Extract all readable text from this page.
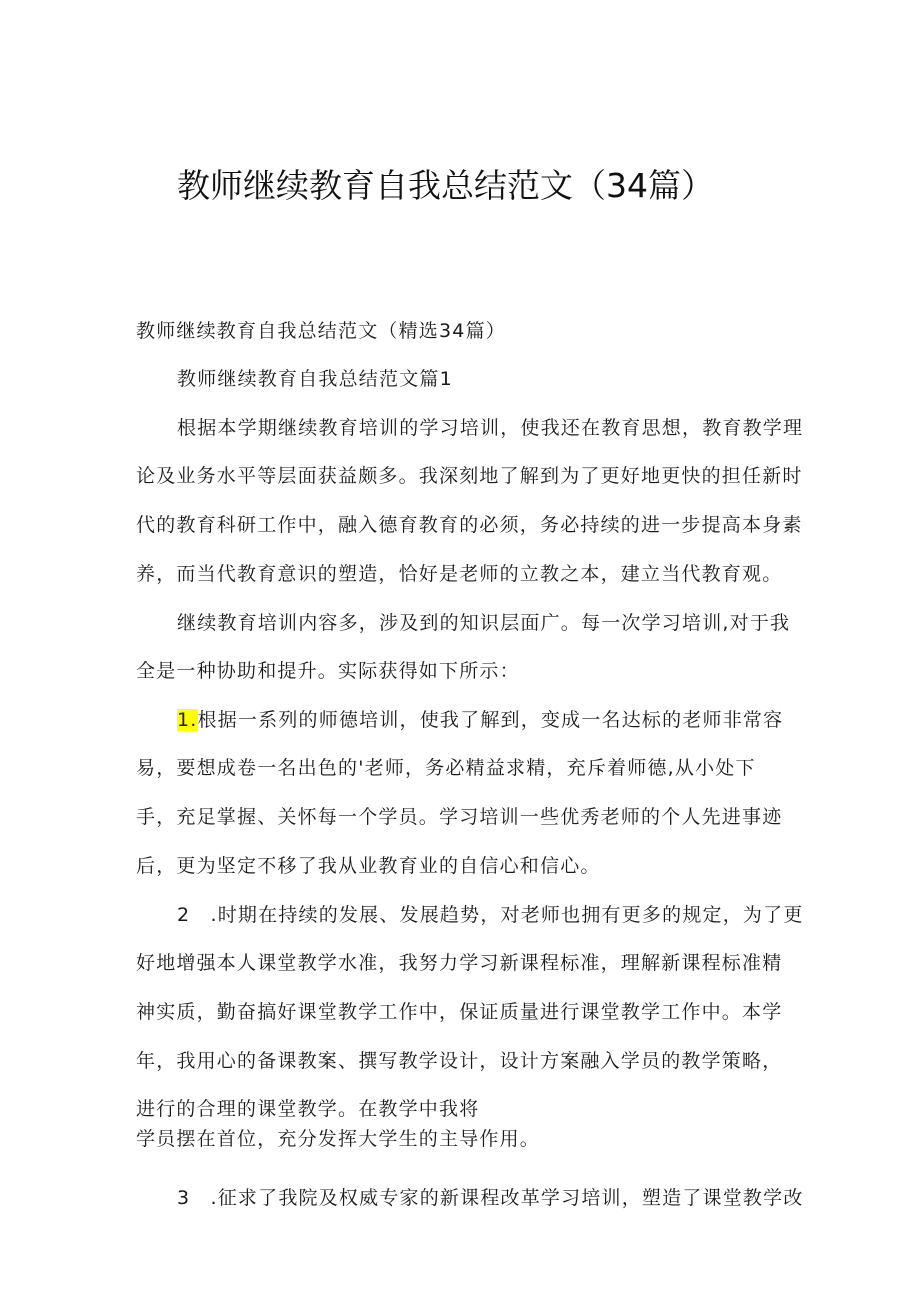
教师继续教育自我总结范文（34篇）
教师继续教育自我总结范文（精选34篇）
教师继续教育自我总结范文篇1
根据本学期继续教育培训的学习培训，使我还在教育思想，教育教学理
论及业务水平等层面获益颇多。我深刻地了解到为了更好地更快的担任新时
代的教育科研工作中，融入德育教育的必须，务必持续的进一步提高本身素
养，而当代教育意识的塑造，恰好是老师的立教之本，建立当代教育观。
继续教育培训内容多，涉及到的知识层面广。每一次学习培训,对于我
全是一种协助和提升。实际获得如下所示：
1.根据一系列的师德培训，使我了解到，变成一名达标的老师非常容
易，要想成卷一名出色的'老师，务必精益求精，充斥着师德,从小处下
手，充足掌握、关怀每一个学员。学习培训一些优秀老师的个人先进事迹
后，更为坚定不移了我从业教育业的自信心和信心。
2　.时期在持续的发展、发展趋势，对老师也拥有更多的规定，为了更
好地增强本人课堂教学水准，我努力学习新课程标准，理解新课程标准精
神实质，勤奋搞好课堂教学工作中，保证质量进行课堂教学工作中。本学
年，我用心的备课教案、撰写教学设计，设计方案融入学员的教学策略，
进行的合理的课堂教学。在教学中我将
学员摆在首位，充分发挥大学生的主导作用。
3　.征求了我院及权威专家的新课程改革学习培训，塑造了课堂教学改
